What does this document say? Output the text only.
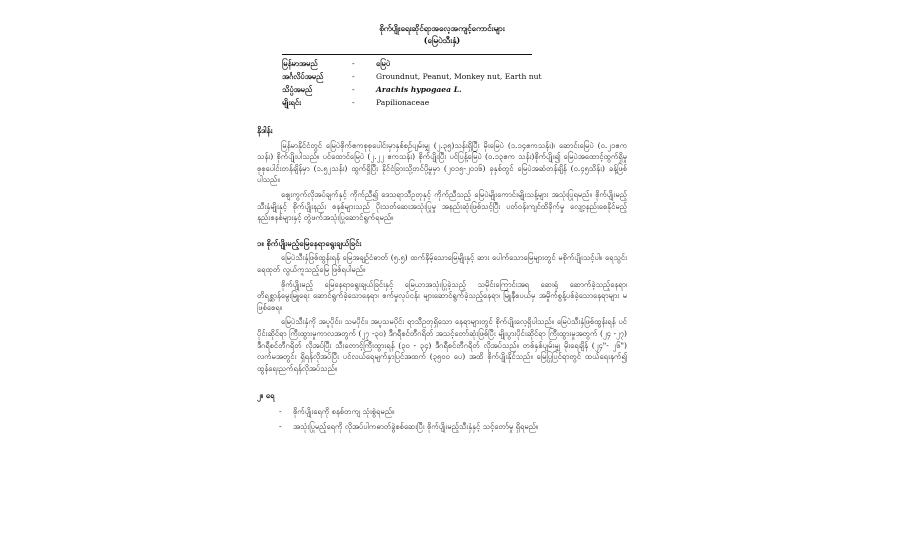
စိုက်ပျိုးရေးဆိုင်ရာအလေ့အကျင့်ကောင်းများ
(မြေပဲသီးနှံ)
မြန်မာအမည်	-	မြေပဲ
အင်္ဂလိပ်အမည်	-	Groundnut, Peanut, Monkey nut, Earth nut
သိပ္ပံအမည်	-	Arachis hypogaea L.
မျိုးရင်း	-	Papilionaceae
နိဒါန်း

မြန်မာနိုင်ငံတွင် မြေပဲစိုက်ဧကစုစုပေါင်းမှာနှစ်စဉ်ပျမ်းမျှ (၂.၃၅)သန်းရှိပြီး မိုးမြေပဲ (၁.၁၄ဧကသန်း)၊ ဆောင်းမြေပဲ (၀.၂၁ဧကသန်း) စိုက်ပျိုးပါသည်။ ပင်ထောင်မြေပဲ (၂.၂၂ ဧကသန်း) စိုက်ပျိုးပြီး ပင်ပြန့်မြေပဲ (၀.၁၃ဧက သန်း)စိုက်ပျိုး၍ မြေပဲအထောင့်ထွက်ရှိမှု စုစုပေါင်းတန်ချိန်မှာ (၁.၅၂သန်း) ထွက်ရှိပြီး နိုင်ငံခြားသို့တင်ပို့မှုမှာ (၂၀၁၅-၂၀၁၆) ခုနှစ်တွင် မြေပဲအဆံတန်ချိန် (၀.၄၅သိန်း) ခန့်ဖြစ်ပါသည်။

ဈေးကွက်လိုအပ်ချက်နှင့် ကိုက်ညီ၍ ဒေသရာသီဥတုနှင့် ကိုက်ညီသည့် မြေပဲမျိုးကောင်းမျိုးသန့်များ အသုံးပြုရမည်။ စိုက်ပျိုးမည့်သီးနှံမျိုးနှင့် စိုက်ပျိုးနည်း စနစ်များသည် ပိုးသတ်ဆေးအသုံးပြုမှု အနည်းဆုံးဖြစ်သင့်ပြီး ပတ်ဝန်းကျင်ထိခိုက်မှု လျော့နည်းစေနိုင်မည့် နည်းစနစ်များနှင့် တွဲဖက်အသုံးပြုဆောင်ရွက်ရမည်။

၁။ စိုက်ပျိုးမည့်မြေနေရာရွေးချယ်ခြင်း

မြေပဲသီးနှံဖြစ်ထွန်းရန် မြေအချဉ်ငံဓာတ် (၅.၅) ထက်နိမ့်သောမြေမျိုးနှင့် ဆား ပေါက်သောမြေများတွင် မစိုက်ပျိုးသင့်ပါ။ ရေသွင်းရေထုတ် လွယ်ကူသည့်မြေ ဖြစ်ရပါမည်။

စိုက်ပျိုးမည့် မြေနေရာရွေးချယ်ခြင်းနှင့် မြေယာအသုံးပြုခဲ့သည့် သမိုင်းကြောင်းအရ ဆေးရုံ ဆောက်ခဲ့သည့်နေရာ၊ တိရစ္ဆာန်မွေးမြူရေး ဆောင်ရွက်ခဲ့သောနေရာ၊ စက်မှုလုပ်ငန်း များဆောင်ရွက်ခဲ့သည့်နေရာ၊ မြူနီစပယ်မှ အမှိုက်စွန့်ပစ်ခဲ့သောနေရာများ မဖြစ်စေရ။

မြေပဲသီးနှံကို အပူပိုင်း၊ သမပိုင်း၊ အပူသမပိုင်း ရာသီဥတုရှိသော နေရာများတွင် စိုက်ပျိုးလေ့ရှိပါသည်။ မြေပဲသီးနှံဖြစ်ထွန်းရန် ပင်ပိုင်းဆိုင်ရာ ကြီးထွားမှုကာလအတွက် (၂၇ -၃၀) ဒီဂရီစင်တီဂရိတ် အသင့်တော်ဆုံးဖြစ်ပြီး မျိုးပွားပိုင်းဆိုင်ရာ ကြီးထွားမှုအတွက် (၂၄ -၂၇) ဒီဂရီစင်တီဂရိတ် လိုအပ်ပြီး သီးတောင့်ကြီးထွားရန် (၃၀ - ၃၄) ဒီဂရီစင်တီဂရိတ် လိုအပ်သည်။ တစ်နှစ်ပျမ်းမျှ မိုးရေချိန် (၂၄"- ၂၆") လက်မအတွင်း ရှိရန်လိုအပ်ပြီး ပင်လယ်ရေမျက်နှာပြင်အထက် (၃၅၀၀ ပေ) အထိ စိုက်ပျိုးနိုင်သည်။ မြေပြုပြင်ရာတွင် ထယ်ရေးနက်၍ ထွန်ရေးညက်ရန်လိုအပ်သည်။

၂။ ရေ
- စိုက်ပျိုးရေကို စနစ်တကျ သုံးစွဲရမည်။
- အသုံးပြုမည့်ရေကို လိုအပ်ပါကဓာတ်ခွဲစစ်ဆေးပြီး စိုက်ပျိုးမည့်သီးနှံနှင့် သင့်တော်မှု ရှိရမည်။
